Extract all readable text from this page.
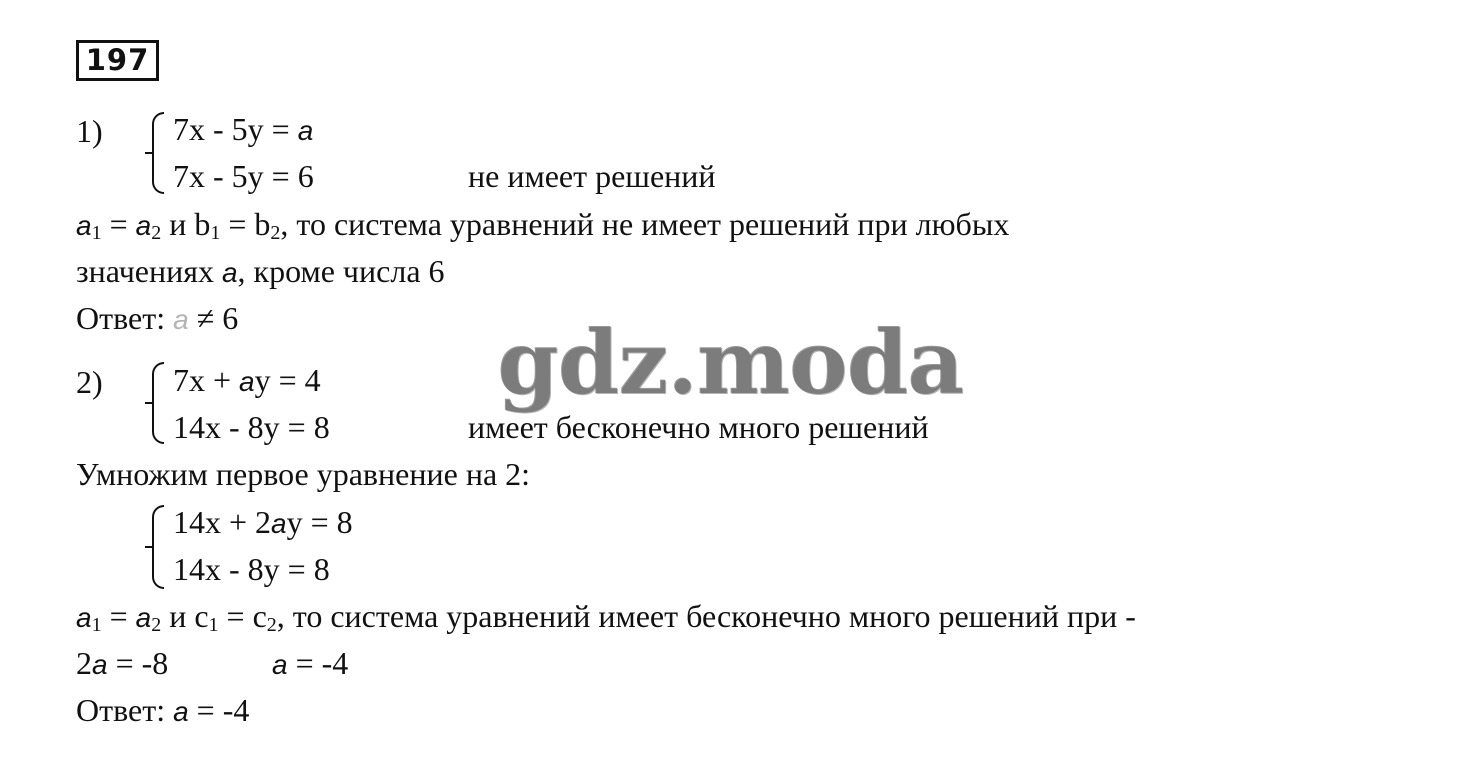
197
1) 7x - 5y = a
7x - 5y = 6	не имеет решений
$a_1 = a_2$ и $b_1 = b_2$, то система уравнений не имеет решений при любых
значениях a, кроме числа 6
Ответ: a ≠ 6
2) 7x + ay = 4
14x - 8y = 8	имеет бесконечно много решений
Умножим первое уравнение на 2:
14x + 2ay = 8
14x - 8y = 8
$a_1 = a_2$ и $c_1 = c_2$, то система уравнений имеет бесконечно много решений при -
2a = -8	a = -4
Ответ: a = -4
gdz.moda
